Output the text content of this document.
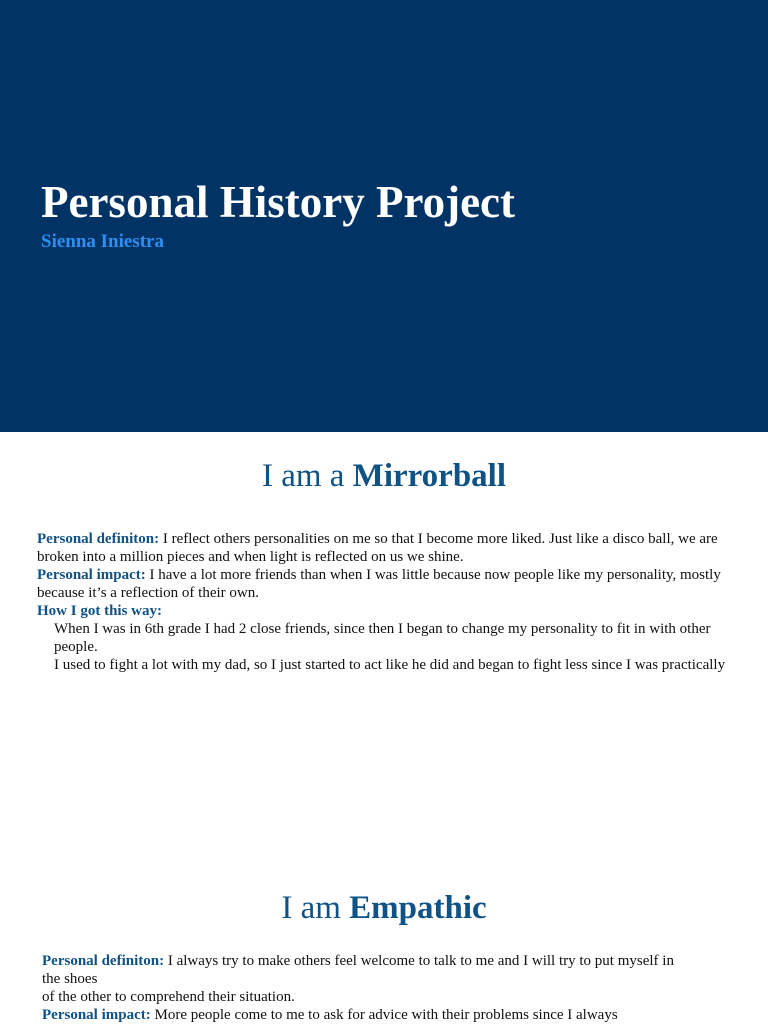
Personal History Project
Sienna Iniestra
I am a Mirrorball

Personal definiton: I reflect others personalities on me so that I become more liked. Just like a disco ball, we are broken into a million pieces and when light is reflected on us we shine.

Personal impact: I have a lot more friends than when I was little because now people like my personality, mostly because it’s a reflection of their own.

How I got this way:

When I was in 6th grade I had 2 close friends, since then I began to change my personality to fit in with other people.

I used to fight a lot with my dad, so I just started to act like he did and began to fight less since I was practically

I am Empathic

Personal definiton: I always try to make others feel welcome to talk to me and I will try to put myself in the shoes

of the other to comprehend their situation.

Personal impact: More people come to me to ask for advice with their problems since I always
